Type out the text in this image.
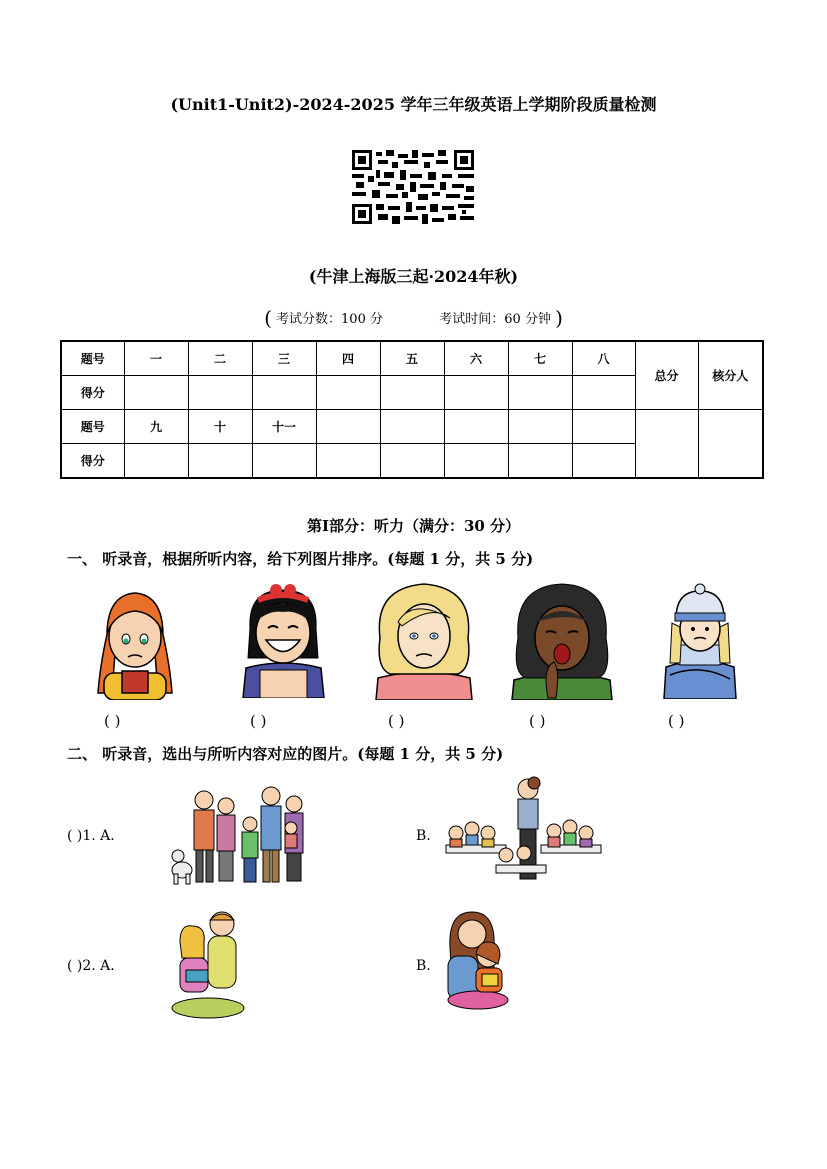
(Unit1-Unit2)-2024-2025 学年三年级英语上学期阶段质量检测
(牛津上海版三起·2024年秋)
( 考试分数：100 分	考试时间：60 分钟 )
题号	一	二	三	四	五	六	七	八	总分	核分人
得分										
题号	九	十	十一							
得分										
第I部分：听力（满分：30 分）
一、 听录音，根据所听内容，给下列图片排序。(每题 1 分，共 5 分)
( )	( )	( )	( )	( )
二、 听录音，选出与所听内容对应的图片。(每题 1 分，共 5 分)
( )1. A.	B.
( )2. A.	B.
